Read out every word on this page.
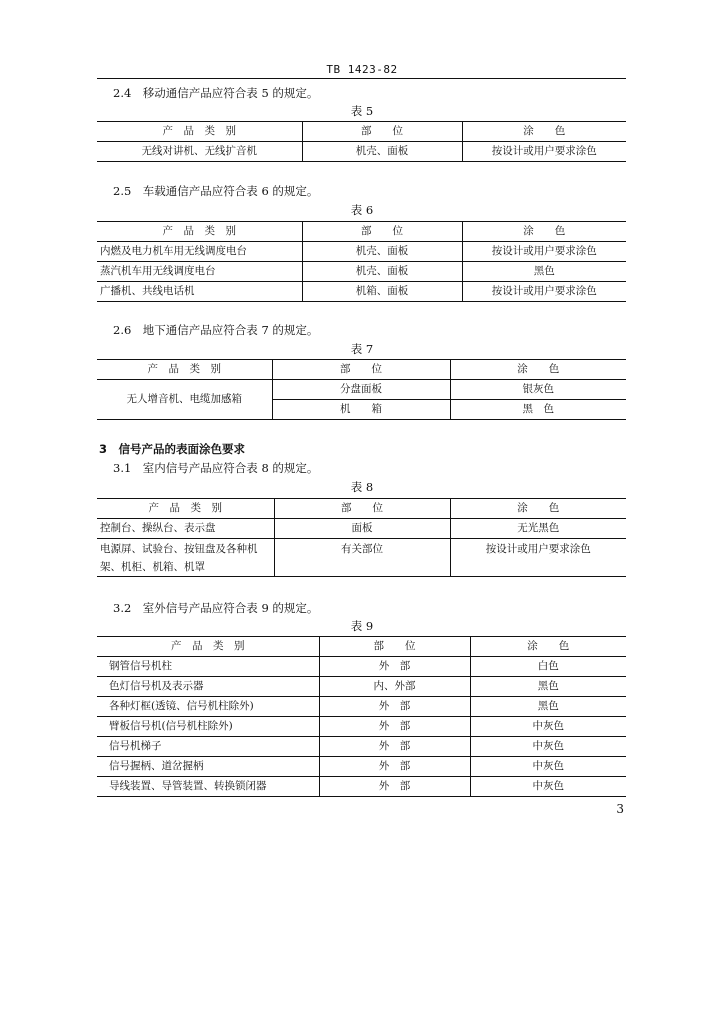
TB 1423-82
2.4　移动通信产品应符合表 5 的规定。
表 5
产　品　类　别	部　　位	涂　　色
无线对讲机、无线扩音机	机壳、面板	按设计或用户要求涂色
2.5　车载通信产品应符合表 6 的规定。
表 6
产　品　类　别	部　　位	涂　　色
内燃及电力机车用无线调度电台	机壳、面板	按设计或用户要求涂色
蒸汽机车用无线调度电台	机壳、面板	黑色
广播机、共线电话机	机箱、面板	按设计或用户要求涂色
2.6　地下通信产品应符合表 7 的规定。
表 7
产　品　类　别	部　　位	涂　　色
无人增音机、电缆加感箱	分盘面板	银灰色
	机　　箱	黑　色
3　信号产品的表面涂色要求
3.1　室内信号产品应符合表 8 的规定。
表 8
产　品　类　别	部　　位	涂　　色
控制台、操纵台、表示盘	面板	无光黑色
电源屏、试验台、按钮盘及各种机架、机柜、机箱、机罩	有关部位	按设计或用户要求涂色
3.2　室外信号产品应符合表 9 的规定。
表 9
产　品　类　别	部　　位	涂　　色
钢管信号机柱	外　部	白色
色灯信号机及表示器	内、外部	黑色
各种灯框(透镜、信号机柱除外)	外　部	黑色
臂板信号机(信号机柱除外)	外　部	中灰色
信号机梯子	外　部	中灰色
信号握柄、道岔握柄	外　部	中灰色
导线装置、导管装置、转换锁闭器	外　部	中灰色
3
